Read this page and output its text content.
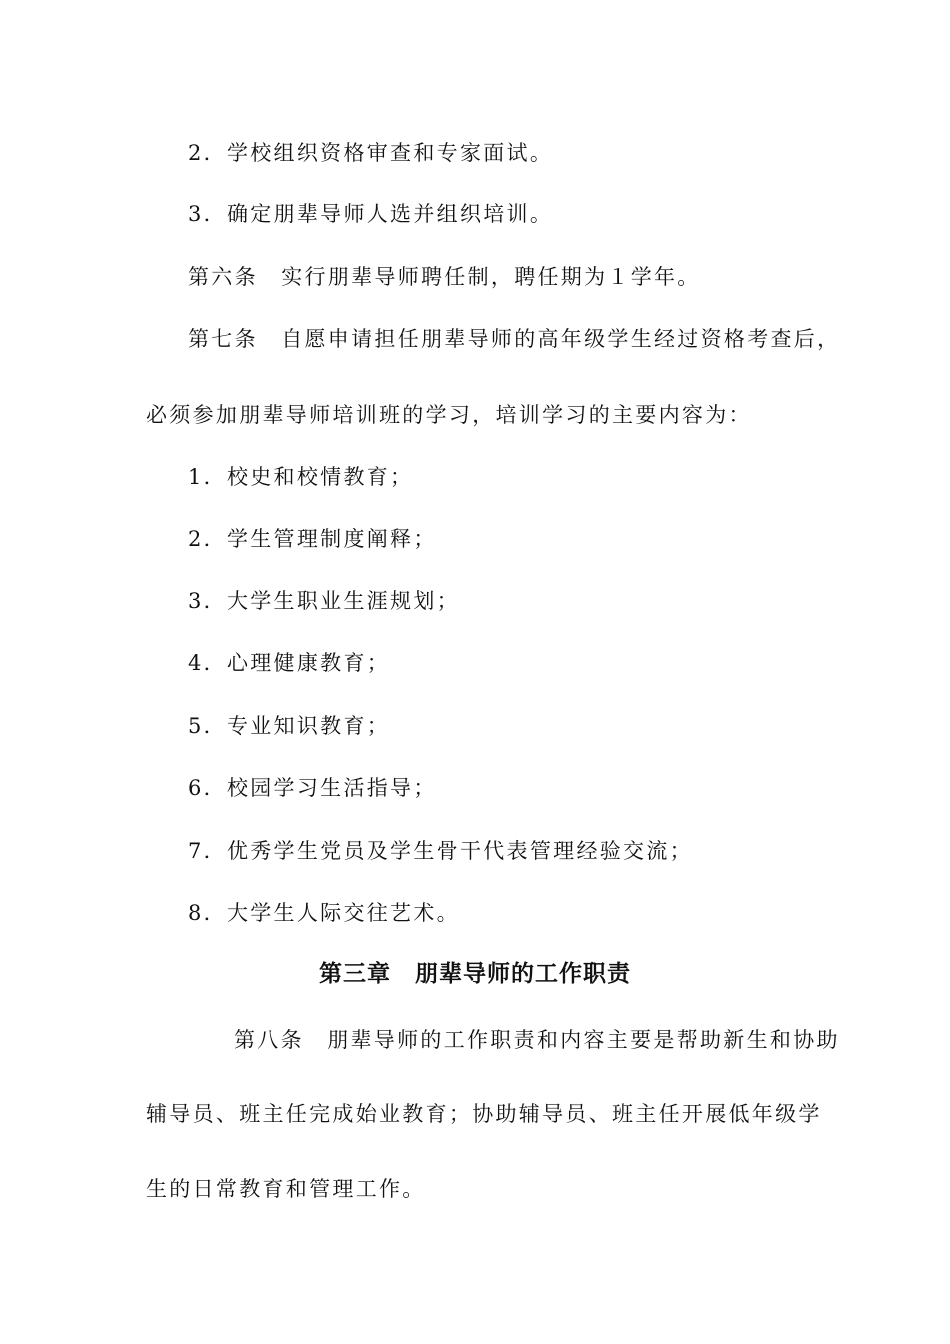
2．学校组织资格审查和专家面试。
3．确定朋辈导师人选并组织培训。
第六条　实行朋辈导师聘任制，聘任期为１学年。
第七条　自愿申请担任朋辈导师的高年级学生经过资格考查后，
必须参加朋辈导师培训班的学习，培训学习的主要内容为：
1．校史和校情教育；
2．学生管理制度阐释；
3．大学生职业生涯规划；
4．心理健康教育；
5．专业知识教育；
6．校园学习生活指导；
7．优秀学生党员及学生骨干代表管理经验交流；
8．大学生人际交往艺术。
第三章　朋辈导师的工作职责
第八条　朋辈导师的工作职责和内容主要是帮助新生和协助
辅导员、班主任完成始业教育；协助辅导员、班主任开展低年级学
生的日常教育和管理工作。
